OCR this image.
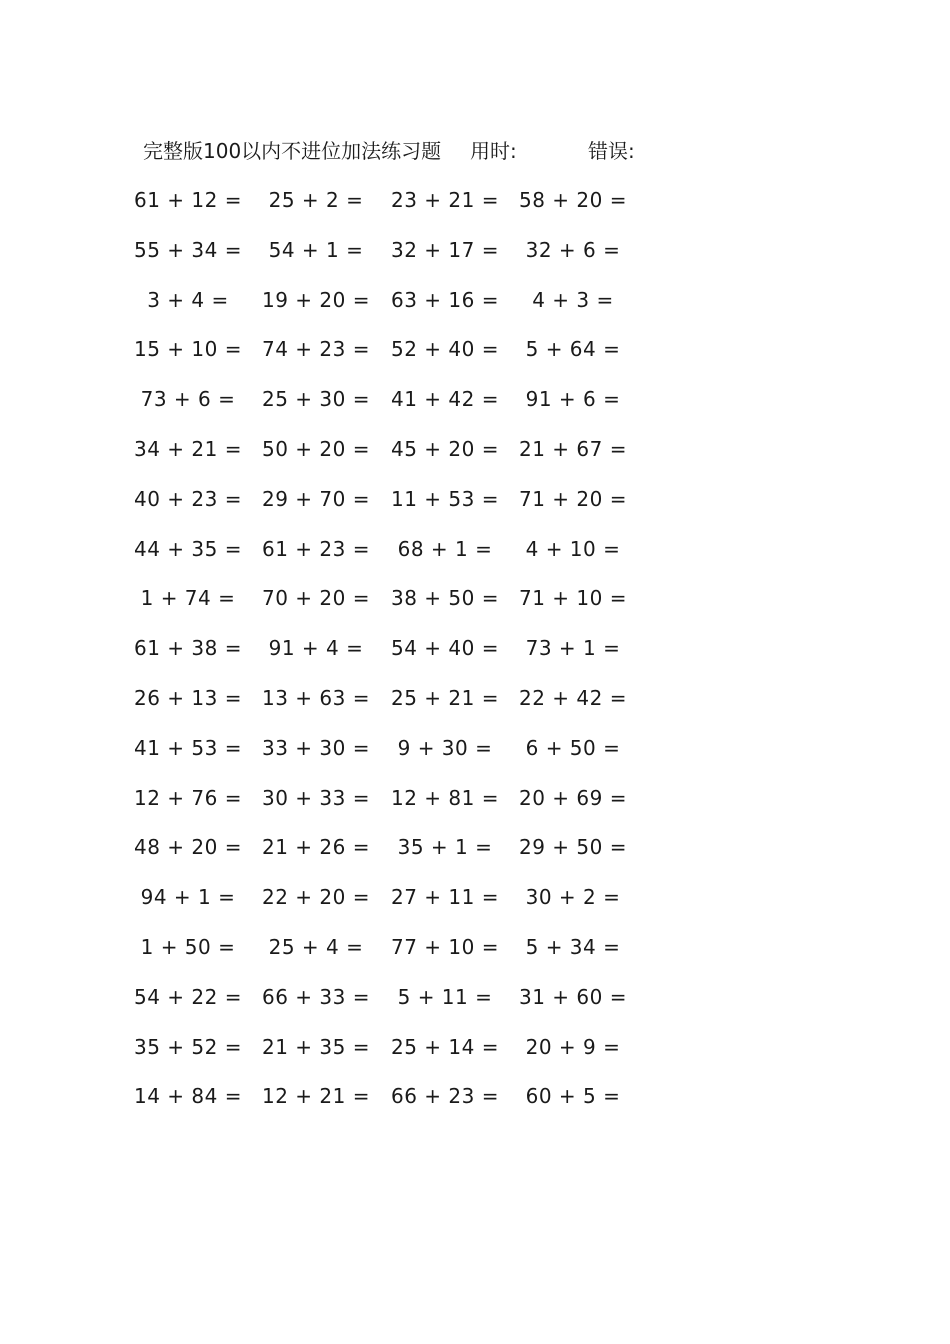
完整版100以内不进位加法练习题 用时:	错误:
61 + 12 =	25 + 2 =	23 + 21 = 58 + 20 =
55 + 34 =	54 + 1 =	32 + 17 =	32 + 6 =
3 + 4 =	19 + 20 = 63 + 16 =	4 + 3 =
15 + 10 = 74 + 23 = 52 + 40 =	5 + 64 =
73 + 6 =	25 + 30 = 41 + 42 =	91 + 6 =
34 + 21 = 50 + 20 = 45 + 20 = 21 + 67 =
40 + 23 = 29 + 70 = 11 + 53 = 71 + 20 =
44 + 35 = 61 + 23 =	68 + 1 =	4 + 10 =
1 + 74 =	70 + 20 = 38 + 50 = 71 + 10 =
61 + 38 =	91 + 4 =	54 + 40 =	73 + 1 =
26 + 13 = 13 + 63 = 25 + 21 = 22 + 42 =
41 + 53 = 33 + 30 =	9 + 30 =	6 + 50 =
12 + 76 = 30 + 33 = 12 + 81 = 20 + 69 =
48 + 20 = 21 + 26 =	35 + 1 =	29 + 50 =
94 + 1 =	22 + 20 = 27 + 11 =	30 + 2 =
1 + 50 =	25 + 4 =	77 + 10 =	5 + 34 =
54 + 22 = 66 + 33 =	5 + 11 =	31 + 60 =
35 + 52 = 21 + 35 = 25 + 14 =	20 + 9 =
14 + 84 = 12 + 21 = 66 + 23 =	60 + 5 =
